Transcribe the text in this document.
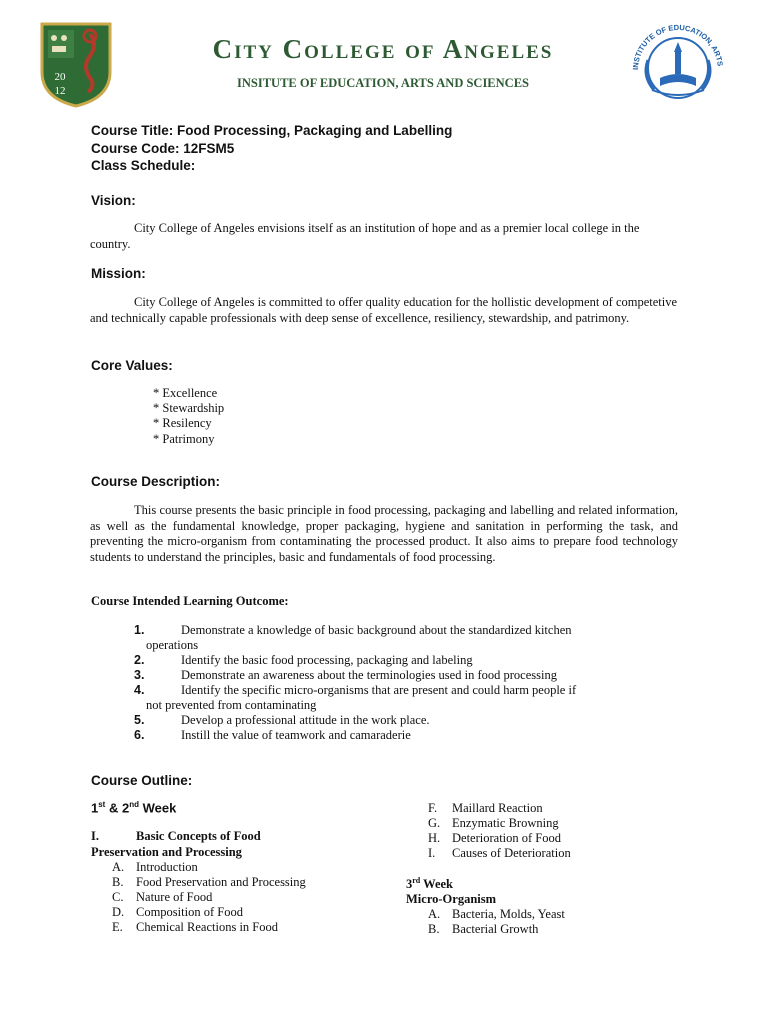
20
12
City College of Angeles
INSITUTE OF EDUCATION, ARTS AND SCIENCES
INSTITUTE OF EDUCATION, ARTS
Course Title: Food Processing, Packaging and Labelling
Course Code: 12FSM5
Class Schedule:
Vision:
City College of Angeles envisions itself as an institution of hope and as a premier local college in the country.
Mission:
City College of Angeles is committed to offer quality education for the hollistic development of competetive and technically capable professionals with deep sense of excellence, resiliency, stewardship, and patrimony.
Core Values:
* Excellence
* Stewardship
* Resilency
* Patrimony
Course Description:
This course presents the basic principle in food processing, packaging and labelling and related information, as well as the fundamental knowledge, proper packaging, hygiene and sanitation in performing the task, and preventing the micro-organism from contaminating the processed product. It also aims to prepare food technology students to understand the principles, basic and fundamentals of food processing.
Course Intended Learning Outcome:
1.	Demonstrate a knowledge of basic background about the standardized kitchen
operations
2.	Identify the basic food processing, packaging and labeling
3.	Demonstrate an awareness about the terminologies used in food processing
4.	Identify the specific micro-organisms that are present and could harm people if
not prevented from contaminating
5.	Develop a professional attitude in the work place.
6.	Instill the value of teamwork and camaraderie
Course Outline:
1st & 2nd Week
I.	Basic Concepts of Food
Preservation and Processing
A. Introduction
B. Food Preservation and Processing
C. Nature of Food
D. Composition of Food
E. Chemical Reactions in Food
F. Maillard Reaction
G. Enzymatic Browning
H. Deterioration of Food
I. Causes of Deterioration
3rd Week
Micro-Organism
A. Bacteria, Molds, Yeast
B. Bacterial Growth
